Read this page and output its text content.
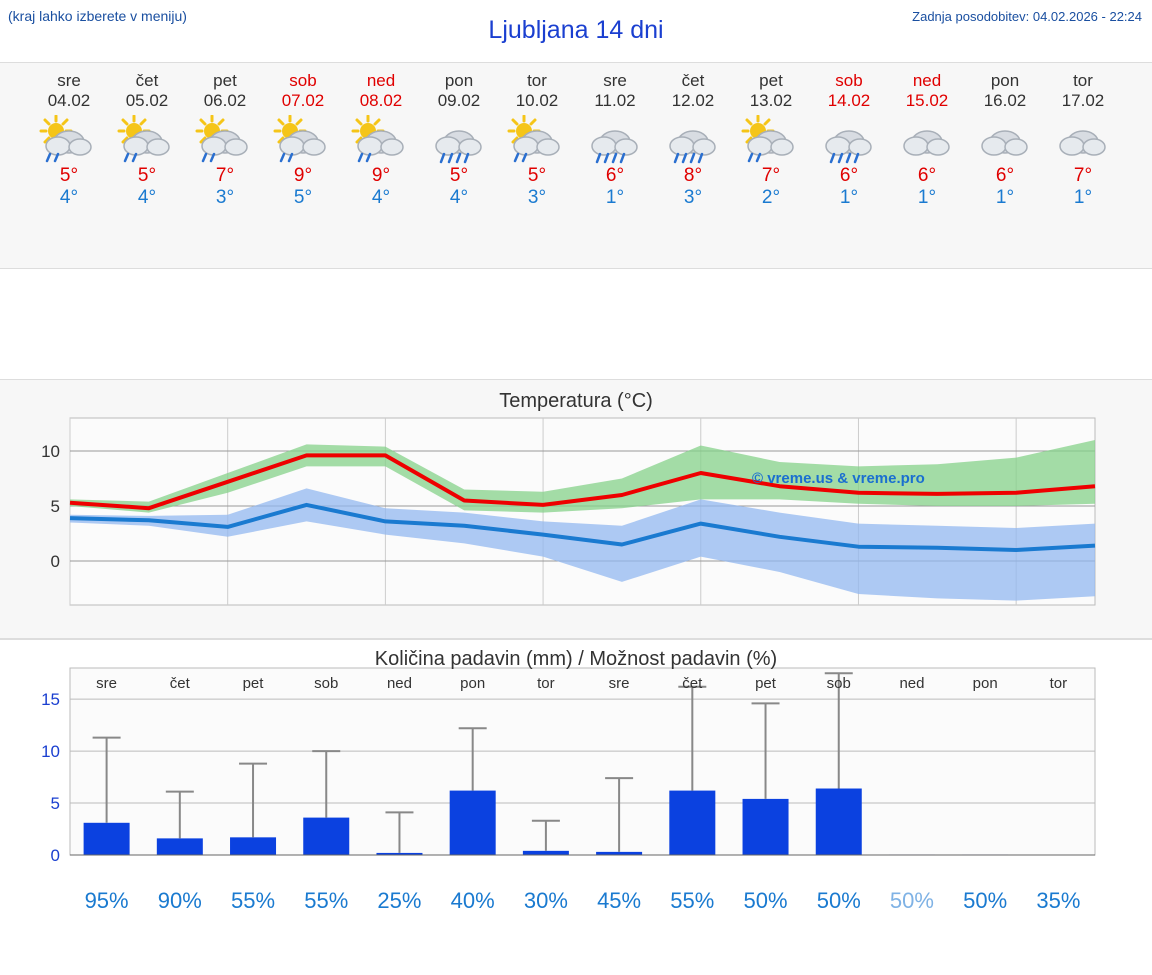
(kraj lahko izberete v meniju)	Ljubljana 14 dni	Zadnja posodobitev: 04.02.2026 - 22:24
sre
04.02
5°
4°
čet
05.02
5°
4°
pet
06.02
7°
3°
sob
07.02
9°
5°
ned
08.02
9°
4°
pon
09.02
5°
4°
tor
10.02
5°
3°
sre
11.02
6°
1°
čet
12.02
8°
3°
pet
13.02
7°
2°
sob
14.02
6°
1°
ned
15.02
6°
1°
pon
16.02
6°
1°
tor
17.02
7°
1°
Temperatura (°C)
0
5
10
© vreme.us & vreme.pro
Količina padavin (mm) / Možnost padavin (%)
0
5
10
15
sre
95%
čet
90%
pet
55%
sob
55%
ned
25%
pon
40%
tor
30%
sre
45%
čet
55%
pet
50%
sob
50%
ned
50%
pon
50%
tor
35%
